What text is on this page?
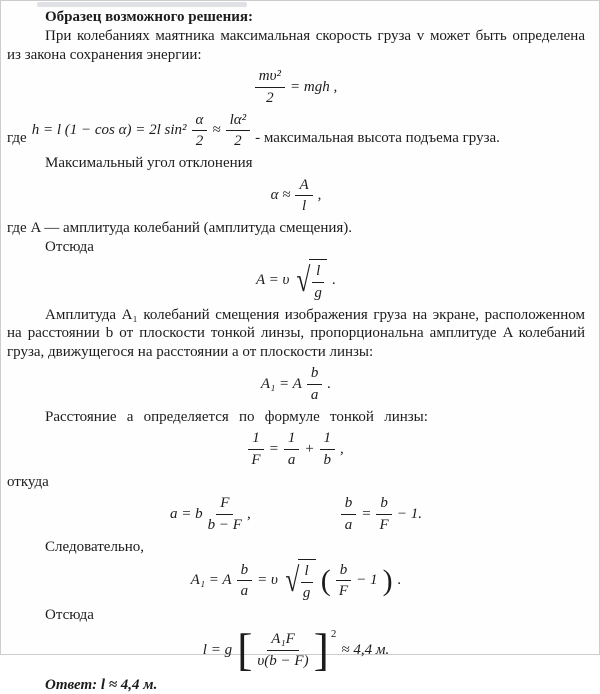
Образец возможного решения:

При колебаниях маятника максимальная скорость груза v может быть определена из закона сохранения энергии:

$\frac{\text{mυ²}}{2}$ = mgh ,
где h = l (1 − cos α) = 2l $\sin^2 \frac{\alpha}{2} \approx \frac{\text{lα²}}{2}$ - максимальная высота подъема груза.

Максимальный угол отклонения

$\alpha \approx \frac{A}{l}$ ,

где A — амплитуда колебаний (амплитуда смещения).

Отсюда

A = υ √ $\frac{l}{g}$ .

Амплитуда A₁ колебаний смещения изображения груза на экране, расположенном на расстоянии b от плоскости тонкой линзы, пропорциональна амплитуде A колебаний груза, движущегося на расстоянии a от плоскости линзы:

A₁ = A $\frac{b}{a}$ .

Расстояние a определяется по формуле тонкой линзы:

$\frac{1}{F} = \frac{1}{a} + \frac{1}{b}$ ,

откуда

a = b $\frac{F}{b - F}$ ,	$\frac{b}{a} = \frac{b}{F} - 1$.

Следовательно,

A₁ = A $\frac{b}{a} = \upsilon$ √ $\frac{l}{g}$ ( $\frac{b}{F} - 1$ ) .

Отсюда

l = g [ $\frac{\text{A₁F}}{\upsilon(b - F)}$ ] 2
≈ 4,4 м.

Ответ: l ≈ 4,4 м.
